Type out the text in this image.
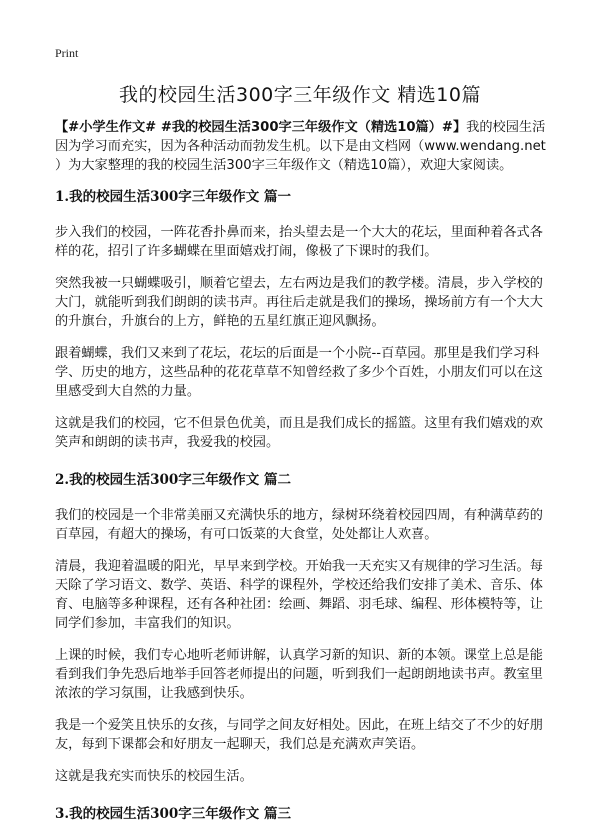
Print
我的校园生活300字三年级作文 精选10篇

【#小学生作文# #我的校园生活300字三年级作文（精选10篇）#】我的校园生活因为学习而充实，因为各种活动而勃发生机。以下是由文档网（www.wendang.net ）为大家整理的我的校园生活300字三年级作文（精选10篇），欢迎大家阅读。

1.我的校园生活300字三年级作文 篇一

步入我们的校园，一阵花香扑鼻而来，抬头望去是一个大大的花坛，里面种着各式各样的花，招引了许多蝴蝶在里面嬉戏打闹，像极了下课时的我们。

突然我被一只蝴蝶吸引，顺着它望去，左右两边是我们的教学楼。清晨，步入学校的大门，就能听到我们朗朗的读书声。再往后走就是我们的操场，操场前方有一个大大的升旗台，升旗台的上方，鲜艳的五星红旗正迎风飘扬。

跟着蝴蝶，我们又来到了花坛，花坛的后面是一个小院--百草园。那里是我们学习科学、历史的地方，这些品种的花花草草不知曾经救了多少个百姓，小朋友们可以在这里感受到大自然的力量。

这就是我们的校园，它不但景色优美，而且是我们成长的摇篮。这里有我们嬉戏的欢笑声和朗朗的读书声，我爱我的校园。

2.我的校园生活300字三年级作文 篇二

我们的校园是一个非常美丽又充满快乐的地方，绿树环绕着校园四周，有种满草药的百草园，有超大的操场，有可口饭菜的大食堂，处处都让人欢喜。

清晨，我迎着温暖的阳光，早早来到学校。开始我一天充实又有规律的学习生活。每天除了学习语文、数学、英语、科学的课程外，学校还给我们安排了美术、音乐、体育、电脑等多种课程，还有各种社团：绘画、舞蹈、羽毛球、编程、形体模特等，让同学们参加，丰富我们的知识。

上课的时候，我们专心地听老师讲解，认真学习新的知识、新的本领。课堂上总是能看到我们争先恐后地举手回答老师提出的问题，听到我们一起朗朗地读书声。教室里浓浓的学习氛围，让我感到快乐。

我是一个爱笑且快乐的女孩，与同学之间友好相处。因此，在班上结交了不少的好朋友，每到下课都会和好朋友一起聊天，我们总是充满欢声笑语。

这就是我充实而快乐的校园生活。

3.我的校园生活300字三年级作文 篇三
